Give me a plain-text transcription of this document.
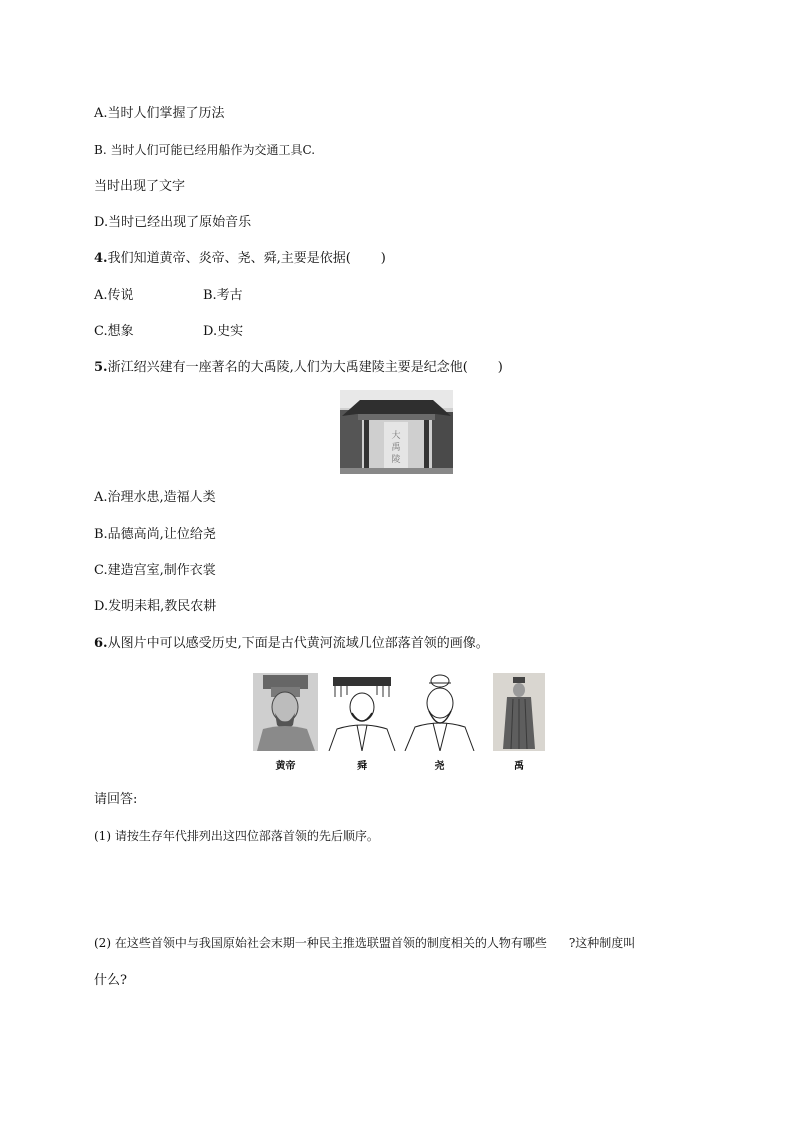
A.当时人们掌握了历法
B. 当时人们可能已经用船作为交通工具C.
当时出现了文字
D.当时已经出现了原始音乐
4.我们知道黄帝、炎帝、尧、舜,主要是依据( )
A.传说	B.考古
C.想象	D.史实
5.浙江绍兴建有一座著名的大禹陵,人们为大禹建陵主要是纪念他( )
大
禹
陵
A.治理水患,造福人类
B.品德高尚,让位给尧
C.建造宫室,制作衣裳
D.发明耒耜,教民农耕
6.从图片中可以感受历史,下面是古代黄河流域几位部落首领的画像。
黄帝	舜	尧	禹
请回答:
(1) 请按生存年代排列出这四位部落首领的先后顺序。
(2) 在这些首领中与我国原始社会末期一种民主推选联盟首领的制度相关的人物有哪些 ?这种制度叫
什么?
